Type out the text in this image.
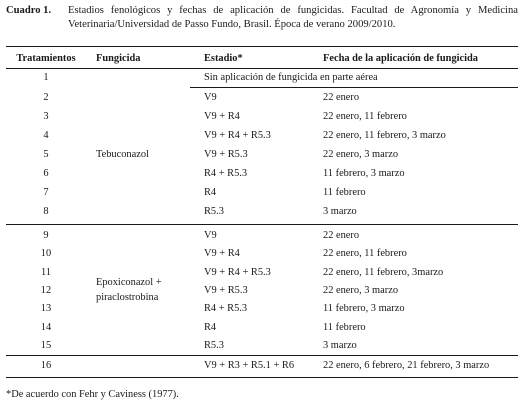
Cuadro 1. Estadios fenológicos y fechas de aplicación de fungicidas. Facultad de Agronomía y Medicina Veterinaria/Universidad de Passo Fundo, Brasil. Época de verano 2009/2010.
Tratamientos	Fungicida	Estadio*	Fecha de la aplicación de fungicida
1	Sin aplicación de fungicida en parte aérea
Tebuconazol
2	V9	22 enero
3	V9 + R4	22 enero, 11 febrero
4	V9 + R4 + R5.3	22 enero, 11 febrero, 3 marzo
5	V9 + R5.3	22 enero, 3 marzo
6	R4 + R5.3	11 febrero, 3 marzo
7	R4	11 febrero
8	R5.3	3 marzo
Epoxiconazol +
piraclostrobina
9	V9	22 enero
10	V9 + R4	22 enero, 11 febrero
11	V9 + R4 + R5.3	22 enero, 11 febrero, 3marzo
12	V9 + R5.3	22 enero, 3 marzo
13	R4 + R5.3	11 febrero, 3 marzo
14	R4	11 febrero
15	R5.3	3 marzo
16	V9 + R3 + R5.1 + R6	22 enero, 6 febrero, 21 febrero, 3 marzo
*De acuerdo con Fehr y Caviness (1977).
